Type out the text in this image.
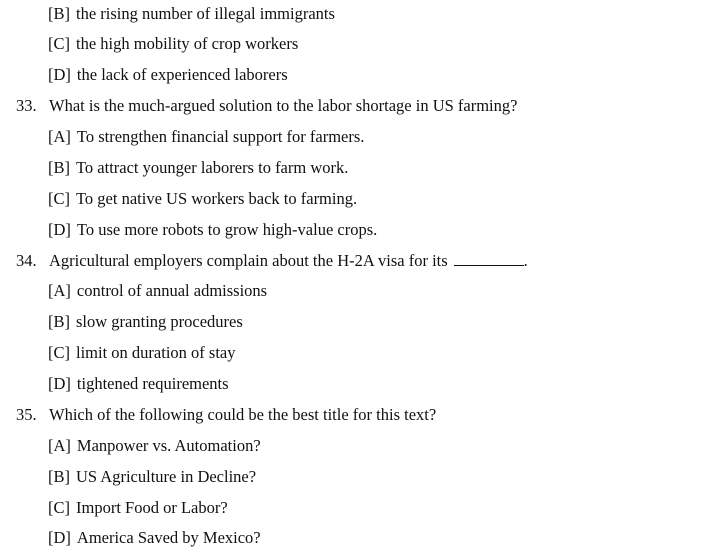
[B] the rising number of illegal immigrants
[C] the high mobility of crop workers
[D] the lack of experienced laborers
33. What is the much-argued solution to the labor shortage in US farming?
[A] To strengthen financial support for farmers.
[B] To attract younger laborers to farm work.
[C] To get native US workers back to farming.
[D] To use more robots to grow high-value crops.
34. Agricultural employers complain about the H-2A visa for its	.
[A] control of annual admissions
[B] slow granting procedures
[C] limit on duration of stay
[D] tightened requirements
35. Which of the following could be the best title for this text?
[A] Manpower vs. Automation?
[B] US Agriculture in Decline?
[C] Import Food or Labor?
[D] America Saved by Mexico?
